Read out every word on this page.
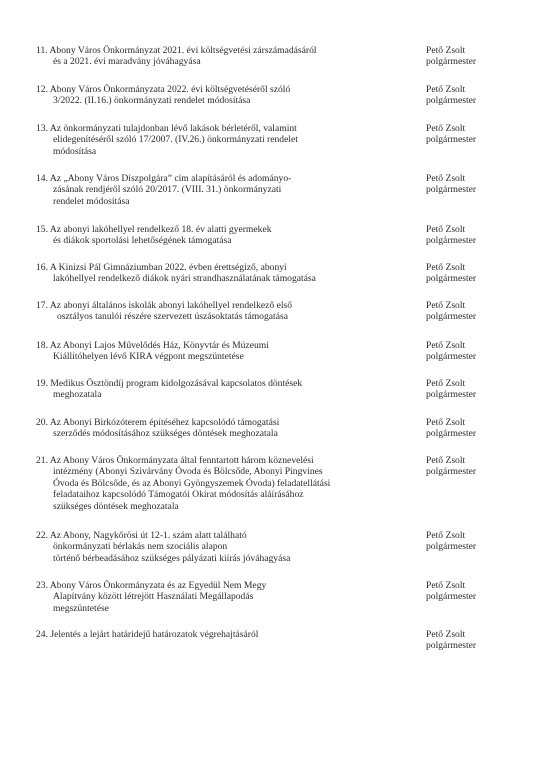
11. Abony Város Önkormányzat 2021. évi költségvetési zárszámadásáról
és a 2021. évi maradvány jóváhagyása
Pető Zsolt
polgármester
12. Abony Város Önkormányzata 2022. évi költségvetéséről szóló
3/2022. (II.16.) önkormányzati rendelet módosítása
Pető Zsolt
polgármester
13. Az önkormányzati tulajdonban lévő lakások bérletéről, valamint
elidegenítéséről szóló 17/2007. (IV.26.) önkormányzati rendelet
módosítása
Pető Zsolt
polgármester
14. Az „Abony Város Díszpolgára” cím alapításáról és adományo-
zásának rendjéről szóló 20/2017. (VIII. 31.) önkormányzati
rendelet módosítása
Pető Zsolt
polgármester
15. Az abonyi lakóhellyel rendelkező 18. év alatti gyermekek
és diákok sportolási lehetőségének támogatása
Pető Zsolt
polgármester
16. A Kinizsi Pál Gimnáziumban 2022. évben érettségiző, abonyi
lakóhellyel rendelkező diákok nyári strandhasználatának támogatása
Pető Zsolt
polgármester
17. Az abonyi általános iskolák abonyi lakóhellyel rendelkező első
osztályos tanulói részére szervezett úszásoktatás támogatása
Pető Zsolt
polgármester
18. Az Abonyi Lajos Művelődés Ház, Könyvtár és Múzeumi
Kiállítóhelyen lévő KIRA végpont megszüntetése
Pető Zsolt
polgármester
19. Medikus Ösztöndíj program kidolgozásával kapcsolatos döntések
meghozatala
Pető Zsolt
polgármester
20. Az Abonyi Birkózóterem építéséhez kapcsolódó támogatási
szerződés módosításához szükséges döntések meghozatala
Pető Zsolt
polgármester
21. Az Abony Város Önkormányzata által fenntartott három köznevelési
intézmény (Abonyi Szivárvány Óvoda és Bölcsőde, Abonyi Pingvines
Óvoda és Bölcsőde, és az Abonyi Gyöngyszemek Óvoda) feladatellátási
feladataihoz kapcsolódó Támogatói Okirat módosítás aláírásához
szükséges döntések meghozatala
Pető Zsolt
polgármester
22. Az Abony, Nagykőrösi út 12-1. szám alatt található
önkormányzati bérlakás nem szociális alapon
történő bérbeadásához szükséges pályázati kiírás jóváhagyása
Pető Zsolt
polgármester
23. Abony Város Önkormányzata és az Egyedül Nem Megy
Alapítvány között létrejött Használati Megállapodás
megszüntetése
Pető Zsolt
polgármester
24. Jelentés a lejárt határidejű határozatok végrehajtásáról	Pető Zsolt
polgármester
